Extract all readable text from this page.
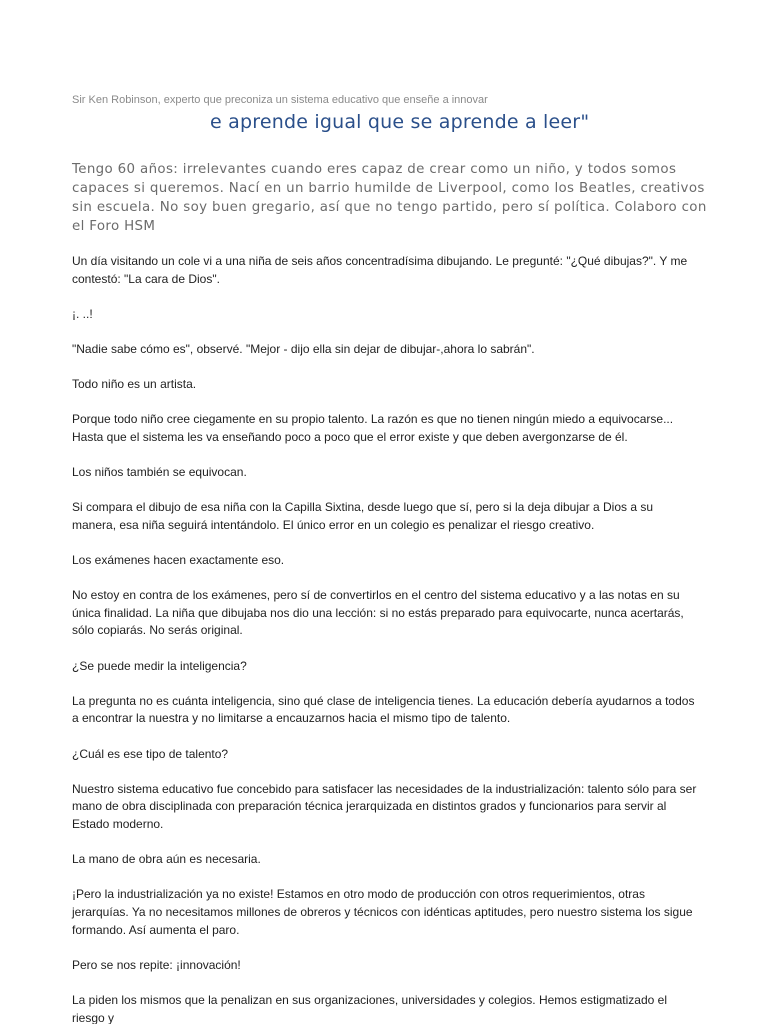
Sir Ken Robinson, experto que preconiza un sistema educativo que enseñe a innovar
e aprende igual que se aprende a leer"
Tengo 60 años: irrelevantes cuando eres capaz de crear como un niño, y todos somos capaces si queremos. Nací en un barrio humilde de Liverpool, como los Beatles, creativos sin escuela. No soy buen gregario, así que no tengo partido, pero sí política. Colaboro con el Foro HSM

Un día visitando un cole vi a una niña de seis años concentradísima dibujando. Le pregunté: "¿Qué dibujas?". Y me contestó: "La cara de Dios".

¡. ..!

"Nadie sabe cómo es", observé. "Mejor - dijo ella sin dejar de dibujar-,ahora lo sabrán".

Todo niño es un artista.

Porque todo niño cree ciegamente en su propio talento. La razón es que no tienen ningún miedo a equivocarse... Hasta que el sistema les va enseñando poco a poco que el error existe y que deben avergonzarse de él.

Los niños también se equivocan.

Si compara el dibujo de esa niña con la Capilla Sixtina, desde luego que sí, pero si la deja dibujar a Dios a su manera, esa niña seguirá intentándolo. El único error en un colegio es penalizar el riesgo creativo.

Los exámenes hacen exactamente eso.

No estoy en contra de los exámenes, pero sí de convertirlos en el centro del sistema educativo y a las notas en su única finalidad. La niña que dibujaba nos dio una lección: si no estás preparado para equivocarte, nunca acertarás, sólo copiarás. No serás original.

¿Se puede medir la inteligencia?

La pregunta no es cuánta inteligencia, sino qué clase de inteligencia tienes. La educación debería ayudarnos a todos a encontrar la nuestra y no limitarse a encauzarnos hacia el mismo tipo de talento.

¿Cuál es ese tipo de talento?

Nuestro sistema educativo fue concebido para satisfacer las necesidades de la industrialización: talento sólo para ser mano de obra disciplinada con preparación técnica jerarquizada en distintos grados y funcionarios para servir al Estado moderno.

La mano de obra aún es necesaria.

¡Pero la industrialización ya no existe! Estamos en otro modo de producción con otros requerimientos, otras jerarquías. Ya no necesitamos millones de obreros y técnicos con idénticas aptitudes, pero nuestro sistema los sigue formando. Así aumenta el paro.

Pero se nos repite: ¡innovación!

La piden los mismos que la penalizan en sus organizaciones, universidades y colegios. Hemos estigmatizado el riesgo y
